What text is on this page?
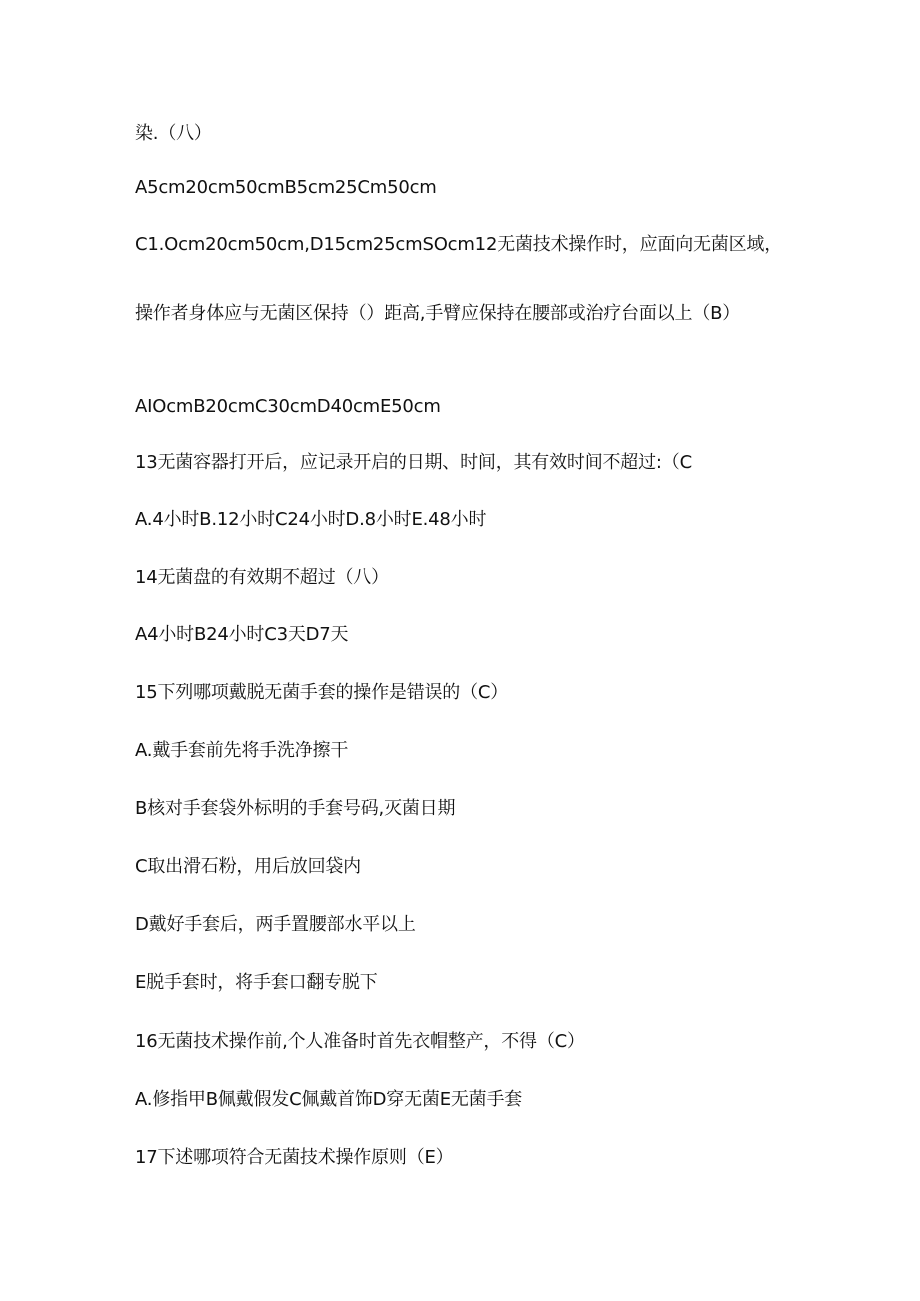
染.（八）
A5cm20cm50cmB5cm25Cm50cm
C1.Ocm20cm50cm,D15cm25cmSOcm12无菌技术操作时，应面向无菌区域，
操作者身体应与无菌区保持（）距高,手臂应保持在腰部或治疗台面以上（B）
AIOcmB20cmC30cmD40cmE50cm
13无菌容器打开后，应记录开启的日期、时间，其有效时间不超过:（C
A.4小时B.12小时C24小时D.8小时E.48小时
14无菌盘的有效期不超过（八）
A4小时B24小时C3天D7天
15下列哪项戴脱无菌手套的操作是错误的（C）
A.戴手套前先将手洗净擦干
B核对手套袋外标明的手套号码,灭菌日期
C取出滑石粉，用后放回袋内
D戴好手套后，两手置腰部水平以上
E脱手套时，将手套口翻专脱下
16无菌技术操作前,个人准备时首先衣帽整产，不得（C）
A.修指甲B佩戴假发C佩戴首饰D穿无菌E无菌手套
17下述哪项符合无菌技术操作原则（E）
